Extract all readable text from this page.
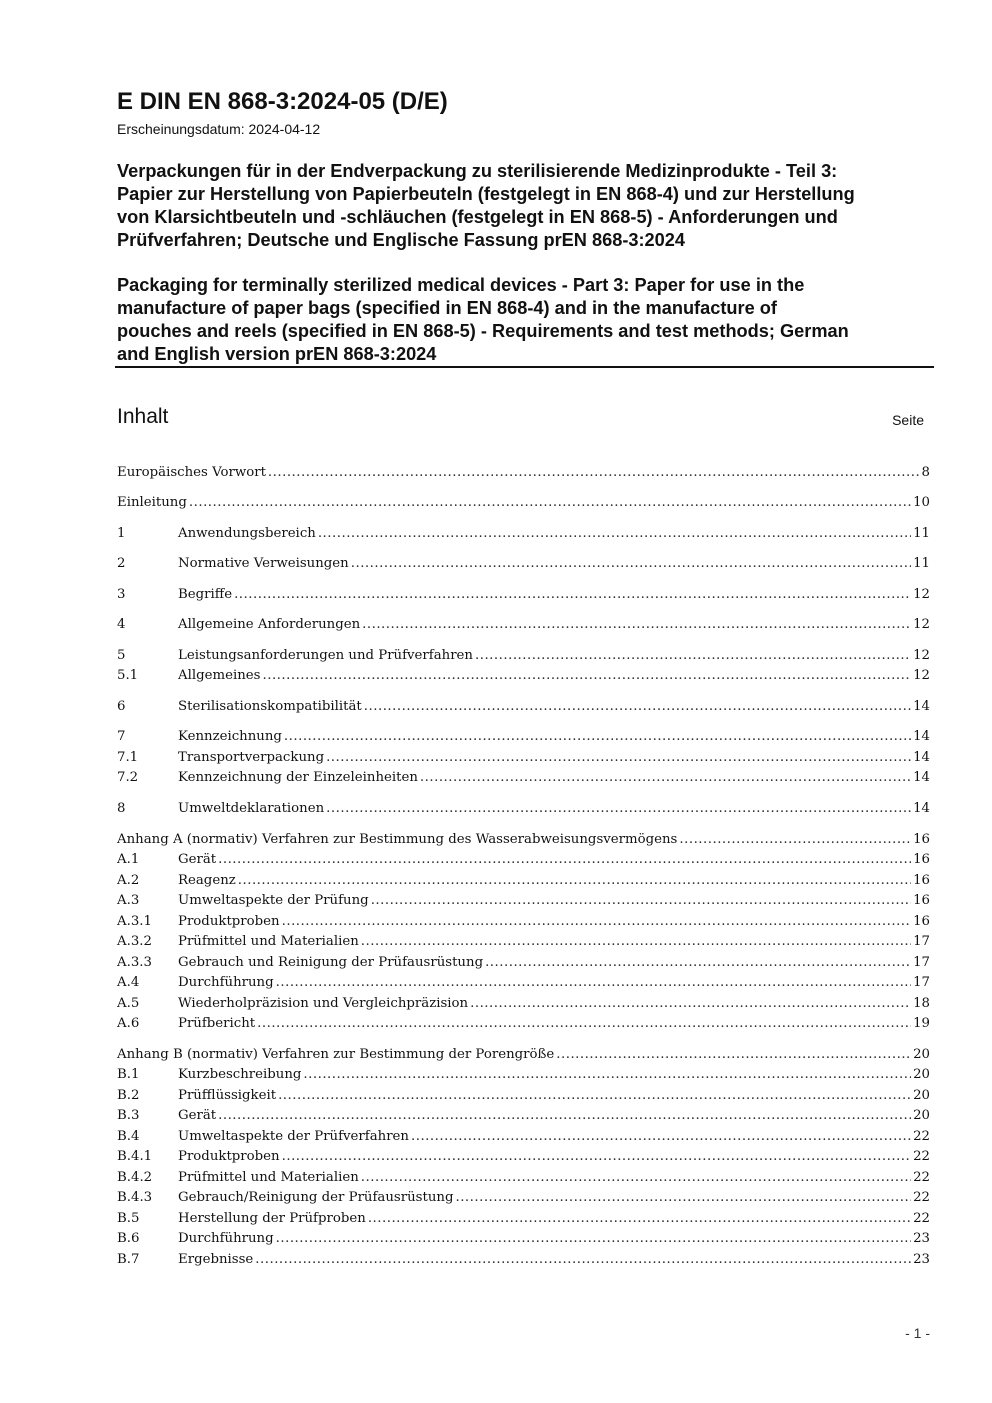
E DIN EN 868-3:2024-05 (D/E)
Erscheinungsdatum: 2024-04-12
Verpackungen für in der Endverpackung zu sterilisierende Medizinprodukte - Teil 3:
Papier zur Herstellung von Papierbeuteln (festgelegt in EN 868-4) und zur Herstellung
von Klarsichtbeuteln und -schläuchen (festgelegt in EN 868-5) - Anforderungen und
Prüfverfahren; Deutsche und Englische Fassung prEN 868-3:2024
Packaging for terminally sterilized medical devices - Part 3: Paper for use in the
manufacture of paper bags (specified in EN 868-4) and in the manufacture of
pouches and reels (specified in EN 868-5) - Requirements and test methods; German
and English version prEN 868-3:2024
Inhalt	Seite
Europäisches Vorwort .....	8
Einleitung .....	10
1	Anwendungsbereich .....	11
2	Normative Verweisungen .....	11
3	Begriffe .....	12
4	Allgemeine Anforderungen .....	12
5	Leistungsanforderungen und Prüfverfahren .....	12
5.1	Allgemeines .....	12
6	Sterilisationskompatibilität .....	14
7	Kennzeichnung .....	14
7.1	Transportverpackung .....	14
7.2	Kennzeichnung der Einzeleinheiten .....	14
8	Umweltdeklarationen .....	14
Anhang A (normativ) Verfahren zur Bestimmung des Wasserabweisungsvermögens .....	16
A.1	Gerät .....	16
A.2	Reagenz .....	16
A.3	Umweltaspekte der Prüfung .....	16
A.3.1	Produktproben .....	16
A.3.2	Prüfmittel und Materialien .....	17
A.3.3	Gebrauch und Reinigung der Prüfausrüstung .....	17
A.4	Durchführung .....	17
A.5	Wiederholpräzision und Vergleichpräzision .....	18
A.6	Prüfbericht .....	19
Anhang B (normativ) Verfahren zur Bestimmung der Porengröße .....	20
B.1	Kurzbeschreibung .....	20
B.2	Prüfflüssigkeit .....	20
B.3	Gerät .....	20
B.4	Umweltaspekte der Prüfverfahren .....	22
B.4.1	Produktproben .....	22
B.4.2	Prüfmittel und Materialien .....	22
B.4.3	Gebrauch/Reinigung der Prüfausrüstung .....	22
B.5	Herstellung der Prüfproben .....	22
B.6	Durchführung .....	23
B.7	Ergebnisse .....	23
- 1 -
